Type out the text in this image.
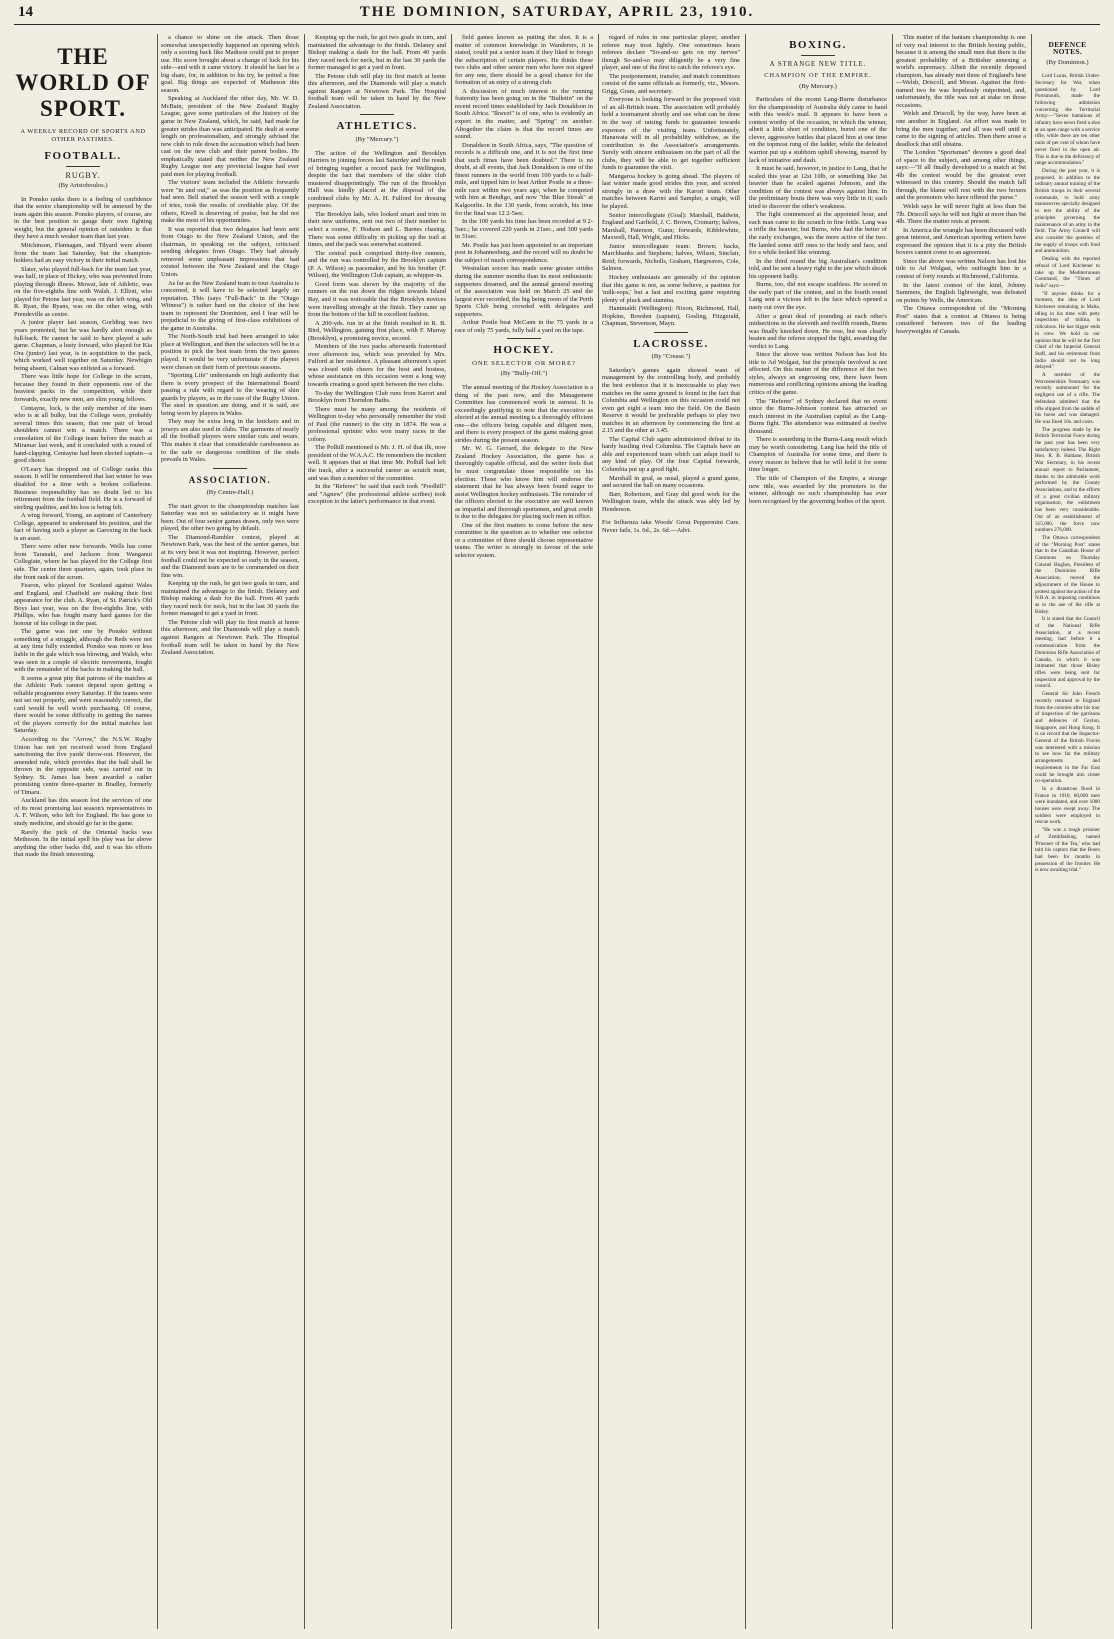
14	THE DOMINION, SATURDAY, APRIL 23, 1910.
THE WORLD OF SPORT.
A WEEKLY RECORD OF SPORTS AND OTHER PASTIMES.
FOOTBALL.
RUGBY.
(By Aristoboulos.)

In Ponsko ranks there is a feeling of confidence that the senior championship will be annexed by the team again this season. Ponsko players, of course, are in the best position to gauge their own fighting weight, but the general opinion of outsiders is that they have a much weaker team than last year.

Mitchinson, Flannagan, and Tilyard were absent from the team last Saturday, but the champion-holders had an easy victory in their initial match.

Slater, who played full-back for the team last year, was half, in place of Hickey, who was prevented from playing through illness. Mowat, late of Athletic, was on the five-eighths line with Walsh. J. Elliott, who played for Petone last year, was on the left wing, and R. Ryan, the Ryans, was on the other wing, with Prendeville as centre.

A junior player last season, Gorlding was two years promoted, but he was hardly alert enough as full-back. He cannot be said to have played a safe game. Chapman, a lusty forward, who played for Kia Ora (junior) last year, is in acquisition to the pack, which worked well together on Saturday. Newbigin being absent, Calnan was enlisted as a forward.

There was little hope for College in the scrum, because they found in their opponents one of the heaviest packs in the competition, while their forwards, exactly new men, are slim young fellows.

Centayne, lock, is the only member of the team who is at all bulky, but the College were, probably several times this season, that one pair of broad shoulders cannot win a match. There was a consolation of the College team before the match at Miramar last week, and it concluded with a round of hand-clapping. Centayne had been elected captain—a good choice.

O'Leary has dropped out of College ranks this season. It will be remembered that last winter he was disabled for a time with a broken collarbone. Business responsibility has no doubt led to his retirement from the football field. He is a forward of sterling qualities, and his loss is being felt.

A wing forward, Young, an aspirant of Canterbury College, appeared to understand his position, and the fact of having such a player as Garoxing in the back is an asset.

There were other new forwards. Wells has come from Taranaki, and Jackson from Wanganui Collegiate, where he has played for the College first side. The centre three quarters, again, took place in the front rank of the scrum.

Fearon, who played for Scotland against Wales and England, and Chatfield are making their first appearance for the club. A. Ryan, of St. Patrick's Old Boys last year, was on the five-eighths line, with Phillips, who has fought many hard games for the honour of his college in the past.

The game was not one by Ponsko without something of a struggle, although the Reds were not at any time fully extended. Ponsko was more or less liable in the gale which was blowing, and Walsh, who was seen in a couple of electric movements, fought with the remainder of the backs in making the ball.

It seems a great pity that patrons of the matches at the Athletic Park cannot depend upon getting a reliable programme every Saturday. If the teams were not set out properly, and were reasonably correct, the card would be well worth purchasing. Of course, there would be some difficulty in getting the names of the players correctly for the initial matches last Saturday.

According to the "Arrow," the N.S.W. Rugby Union has not yet received word from England sanctioning the five yards' throw-out. However, the amended rule, which provides that the ball shall be thrown in the opposite side, was carried out in Sydney. St. James has been awarded a rather promising centre three-quarter in Bradley, formerly of Timaru.

Auckland has this season lost the services of one of its most promising last season's representatives in A. F. Wilson, who left for England. He has gone to study medicine, and should go far in the game.

Rarely the pick of the Oriental backs was Metheson. In the initial spell his play was far above anything the other backs did, and it was his efforts that made the finish interesting.

a chance to shine on the attack. Then those somewhat unexpectedly happened an opening which only a scoring back like Madison could put to proper use. His score brought about a change of luck for his side—and with it came victory. It should be fast be a big share, for, in addition to his try, he potted a fine goal. Big things are expected of Matheson this season.

Speaking at Auckland the other day, Mr. W. D. McBain, president of the New Zealand Rugby League, gave some particulars of the history of the game in New Zealand, which, he said, had made far greater strides than was anticipated. He dealt at some length on professionalism, and strongly advised the new club to rule down the accusation which had been cast on the new club and their parent bodies. He emphatically stated that neither the New Zealand Rugby League nor any provincial league had ever paid men for playing football.

The visitors' team included the Athletic forwards were "in and out," as was the position as frequently had seen. Bell started the season well with a couple of tries, took the results of creditable play. Of the others, Kivell is deserving of praise, but he did not make the most of his opportunities.

It was reported that two delegates had been sent from Otago to the New Zealand Union, and the chairman, in speaking on the subject, criticised sending delegates from Otago. They had already removed some unpleasant impressions that had existed between the New Zealand and the Otago Union.

As far as the New Zealand team to tour Australia is concerned, it will have to be selected largely on reputation. This (says "Full-Back" in the "Otago Witness") is rather hard on the choice of the best team to represent the Dominion, and I fear will be prejudicial to the giving of first-class exhibitions of the game in Australia.

The North-South trial had been arranged to take place at Wellington, and then the selectors will be in a position to pick the best team from the two games played. It would be very unfortunate if the players were chosen on their form of previous seasons.

"Sporting Life" understands on high authority that there is every prospect of the International Board passing a rule with regard to the wearing of shin guards by players, as in the case of the Rugby Union. The steel in question are doing, and it is said, are being worn by players in Wales.

They may be extra long in the knickers and in jerseys are also used in clubs. The garments of nearly all the football players were similar cuts and wears. This makes it clear that considerable carelessness as to the safe or dangerous condition of the studs prevails in Wales.

ASSOCIATION.
(By Centre-Half.)

The start given to the championship matches last Saturday was not so satisfactory as it might have been. Out of four senior games drawn, only two were played, the other two going by default.

The Diamond-Rambler contest, played at Newtown Park, was the best of the senior games, but at its very best it was not inspiring. However, perfect football could not be expected so early in the season, and the Diamond team are to be commended on their fine win.

Keeping up the rush, he got two goals in turn, and maintained the advantage to the finish. Delaney and Bishop making a dash for the ball. From 40 yards they raced neck for neck, but in the last 30 yards the former managed to get a yard in front.

The Petone club will play its first match at home this afternoon, and the Diamonds will play a match against Rangers at Newtown Park. The Hospital football team will be taken in hand by the New Zealand Association.

Keeping up the rush, he got two goals in turn, and maintained the advantage to the finish. Delaney and Bishop making a dash for the ball. From 40 yards they raced neck for neck, but in the last 30 yards the former managed to get a yard in front.

The Petone club will play its first match at home this afternoon, and the Diamonds will play a match against Rangers at Newtown Park. The Hospital football team will be taken in hand by the New Zealand Association.

ATHLETICS.
(By "Mercury.")

The action of the Wellington and Brooklyn Harriers in joining forces last Saturday and the result of bringing together a record pack for Wellington, despite the fact that members of the older club mustered disappointingly. The run of the Brooklyn Hall was kindly placed at the disposal of the combined clubs by Mr. A. H. Fulford for dressing purposes.

The Brooklyn lads, who looked smart and trim in their new uniforms, sent out two of their number to select a course, F. Hodson and L. Barnes chasing. There was some difficulty in picking up the trail at times, and the pack was somewhat scattered.

The central pack comprised thirty-five runners, and the run was controlled by the Brooklyn captain (P. A. Wilson) as pacemaker, and by his brother (F. Wilson), the Wellington Club captain, as whipper-in.

Good form was shown by the majority of the runners on the run down the ridges towards Island Bay, and it was noticeable that the Brooklyn novices were travelling strongly at the finish. They came up from the bottom of the hill in excellent fashion.

A 200-yds. run in at the finish resulted in R. B. Bird, Wellington, gaining first place, with F. Murray (Brooklyn), a promising novice, second.

Members of the two packs afterwards fraternised over afternoon tea, which was provided by Mrs. Fulford at her residence. A pleasant afternoon's sport was closed with cheers for the host and hostess, whose assistance on this occasion went a long way towards creating a good spirit between the two clubs.

To-day the Wellington Club runs from Karori and Brooklyn from Thorndon Baths.

There must be many among the residents of Wellington to-day who personally remember the visit of Paul (the runner) to the city in 1874. He was a professional sprinter who won many races in the colony.

The Polhill mentioned is Mr. J. H. of that ilk, now president of the W.A.A.C. He remembers the incident well. It appears that at that time Mr. Polhill had left the track, after a successful career as scratch man, and was then a member of the committee.

In the "Referee" he said that each took "Poolhill" and "Agnew" (the professional athlete scribes) took exception to the latter's performance in that event.

field games known as putting the shot. It is a matter of common knowledge in Wanderers, it is stated, could put a senior team if they liked to forego the subscription of certain players. He thinks these two clubs and other senior men who have not signed for any one, there should be a good chance for the formation of an entry of a strong club.

A discussion of much interest to the running fraternity has been going on in the "Bulletin" on the recent record times established by Jack Donaldson in South Africa. "Ikwezi" is of one, who is evidently an expert in the matter, and "Spring" on another. Altogether the claim is that the record times are sound.

Donaldson in South Africa, says, "The question of records is a difficult one, and it is not the first time that such times have been doubted." There is no doubt, at all events, that Jack Donaldson is one of the finest runners in the world from 100 yards to a half-mile, and tipped him to beat Arthur Postle in a three-mile race within two years ago, when he competed with him at Bendigo, and now "the Blue Streak" at Kalgoorlie. In the 130 yards, from scratch, his time for the final was 12 2-5sec.

In the 100 yards his time has been recorded at 9 2-5sec.; he covered 220 yards in 21sec., and 300 yards in 31sec.

Mr. Postle has just been appointed to an important post in Johannesburg, and the record will no doubt be the subject of much correspondence.

Westralian soccer has made some greater strides during the summer months than its most enthusiastic supporters dreamed, and the annual general meeting of the association was held on March 25 and the largest ever recorded, the big being room of the Perth Sports Club being crowded with delegates and supporters.

Arthur Postle beat McCann in the 75 yards in a race of only 75 yards, fully half a yard on the tape.

HOCKEY.
ONE SELECTOR OR MORE?
(By "Bully-Off.")

The annual meeting of the Hockey Association is a thing of the past now, and the Management Committee has commenced work in earnest. It is exceedingly gratifying to note that the executive as elected at the annual meeting is a thoroughly efficient one—the officers being capable and diligent men, and there is every prospect of the game making great strides during the present season.

Mr. W. G. Gerrard, the delegate to the New Zealand Hockey Association, the game has a thoroughly capable official, and the writer feels that he must congratulate those responsible on his election. Those who know him will endorse the statement that he has always been found eager to assist Wellington hockey enthusiasts. The reminder of the officers elected to the executive are well known as impartial and thorough sportsmen, and great credit is due to the delegates for placing such men in office.

One of the first matters to come before the new committee is the question as to whether one selector or a committee of three should choose representative teams. The writer is strongly in favour of the sole selector system.

regard of rules in one particular player, another referee may treat lightly. One sometimes hears referees declare "So-and-so gets on my nerves" though So-and-so may diligently be a very fine player, and one of the first to catch the referee's eye.

The postponement, transfer, and match committees consist of the same officials as formerly, viz., Messrs. Grigg, Gram, and secretary.

Everyone is looking forward to the proposed visit of an all-British team. The association will probably hold a tournament shortly and see what can be done in the way of raising funds to guarantee towards expenses of the visiting team. Unfortunately, Hanawata will in all probability withdraw, as the contribution to the Association's arrangements. Surely with sincere enthusiasm on the part of all the clubs, they will be able to get together sufficient funds to guarantee the visit.

Mangaroa hockey is going ahead. The players of last winter made good strides this year, and scored strongly in a draw with the Karori team. Other matches between Karori and Sampler, a single, will be played.

Senior intercollegiate (Goal): Marshall, Baldwin, England and Garfield, J. C. Brown, Cromarty; halves, Marshall, Paterson, Gunn; forwards, Kibblewhite, Maxwell, Hall, Wright, and Hicks.

Junior intercollegiate team: Brown; backs, Marchbanks and Stephens; halves, Wilson, Sinclair, Reid; forwards, Nicholls, Graham, Hargreaves, Cole, Salmon.

Hockey enthusiasts are generally of the opinion that this game is not, as some believe, a pastime for 'milk-sops,' but a fast and exciting game requiring plenty of pluck and stamina.

Hanimaldi (Wellington): Nixon, Richmond, Hall, Hopkins, Bowden (captain), Gosling, Fitzgerald, Chapman, Stevenson, Mayn.

LACROSSE.
(By "Crease.")

Saturday's games again showed want of management by the controlling body, and probably the best evidence that it is inexcusable to play two matches on the same ground is found in the fact that Columbia and Wellington on this occasion could not even get eight a team into the field. On the Basin Reserve it would be preferable perhaps to play two matches in an afternoon by commencing the first at 2.15 and the other at 3.45.

The Capital Club again administered defeat to its hardy hustling rival Columbia. The Capitals have an able and experienced team which can adapt itself to any kind of play. Of the four Capital forwards, Columbia put up a good fight.

Marshall in goal, as usual, played a grand game, and secured the ball on many occasions.

Barr, Robertson, and Gray did good work for the Wellington team, while the attack was ably led by Henderson.

For Influenza take Woods' Great Peppermint Cure. Never fails, 1s. 6d., 2s. 6d.—Advt.

BOXING.
A STRANGE NEW TITLE.
CHAMPION OF THE EMPIRE.
(By Mercury.)

Particulars of the recent Lang-Burns disturbance for the championship of Australia duly came to hand with this week's mail. It appears to have been a contest worthy of the occasion, in which the winner, albeit a little short of condition, bored one of the clever, aggressive battles that placed him at one time on the topmost rung of the ladder, while the defeated warrior put up a stubborn uphill showing, marred by lack of initiative and dash.

It must be said, however, in justice to Lang, that he scaled this year at 12st 10lb, or something like 3st heavier than he scaled against Johnson, and the condition of the contest was always against him. In the preliminary bouts there was very little in it; each tried to discover the other's weakness.

The fight commenced at the appointed hour, and each man came to the scratch in fine fettle. Lang was a trifle the heavier, but Burns, who had the better of the early exchanges, was the more active of the two. He landed some stiff ones to the body and face, and for a while looked like winning.

In the third round the big Australian's condition told, and he sent a heavy right to the jaw which shook his opponent badly.

Burns, too, did not escape scathless. He scored in the early part of the contest, and in the fourth round Lang sent a vicious left to the face which opened a nasty cut over the eye.

After a great deal of pounding at each other's midsections in the eleventh and twelfth rounds, Burns was finally knocked down. He rose, but was clearly beaten and the referee stopped the fight, awarding the verdict to Lang.

Since the above was written Nelson has lost his title to Ad Wolgast, but the principle involved is not affected. On this matter of the difference of the two styles, always an engrossing one, there have been numerous and conflicting opinions among the leading critics of the game.

The "Referee" of Sydney declared that no event since the Burns-Johnson contest has attracted so much interest in the Australian capital as the Lang-Burns fight. The attendance was estimated at twelve thousand.

There is something in the Burns-Lang result which may be worth considering. Lang has held the title of Champion of Australia for some time, and there is every reason to believe that he will hold it for some time longer.

The title of Champion of the Empire, a strange new title, was awarded by the promoters to the winner, although no such championship has ever been recognised by the governing bodies of the sport.

This matter of the bantam championship is one of very real interest to the British boxing public, because it is among the small men that there is the greatest probability of a Britisher annexing a world's supremacy. Albeit the recently deposed champion, has already met three of England's best—Welsh, Driscoll, and Moran. Against the first-named two he was hopelessly outpointed, and, unfortunately, the title was not at stake on those occasions.

Welsh and Driscoll, by the way, have been at one another in England. An effort was made to bring the men together, and all was well until it came to the signing of articles. Then there arose a deadlock that still obtains.

The London "Sportsman" devotes a good deal of space to the subject, and among other things, says:—"If all finally developed to a match at 9st 4lb the contest would be the greatest ever witnessed in this country. Should the match fall through, the blame will rest with the two boxers and the promoters who have offered the purse."

Welsh says he will never fight at less than 9st 7lb. Driscoll says he will not fight at more than 9st 4lb. There the matter rests at present.

In America the wrangle has been discussed with great interest, and American sporting writers have expressed the opinion that it is a pity the British boxers cannot come to an agreement.

Since the above was written Nelson has lost his title to Ad Wolgast, who outfought him in a contest of forty rounds at Richmond, California.

In the latest contest of the kind, Johnny Summers, the English lightweight, was defeated on points by Wells, the American.

The Ottawa correspondent of the "Morning Post" states that a contest at Ottawa is being considered between two of the leading heavyweights of Canada.

DEFENCE NOTES.
(By Dominion.)

Lord Lucas, British Under-Secretary for War, when questioned by Lord Portsmouth, made the following admission concerning the Territorial Army:—"Seven battalions of infantry have never fired a shot at an open range with a service rifle, while there are ten other units of per cent of whom have never fired in the open air. This is due to the deficiency of range accommodation."

During the past year, it is proposed, in addition to the ordinary annual training of the British troops in their several commands, to hold army manoeuvres specially designed to test the ability of the principles governing the maintenance of an army in the field. The Army Council will also consider the question of the supply of troops with food and ammunition.

Dealing with the reported refusal of Lord Kitchener to take up the Mediterranean Command, the "Times of India" says:—

"If anyone thinks for a moment, the idea of Lord Kitchener remaining in Malta, idling in his time with petty inspections of militia, is ridiculous. He has bigger ends in view. We hold to our opinion that he will be the first Chief of the Imperial General Staff, and his retirement from India should not be long delayed."

A member of the Worcestershire Yeomanry was recently summoned for the negligent use of a rifle. The defendant admitted that the rifle slipped from the saddle of his horse and was damaged. He was fined 10s. and costs.

The progress made by the British Territorial Force during the past year has been very satisfactory indeed. The Right Hon. R. B. Haldane, British War Secretary, in his recent annual report to Parliament, thanks to the admirable work performed by the County Associations, and to the efforts of a great civilian military organisation, the enlistment has been very considerable. Out of an establishment of 315,000, the force now numbers 276,000.

The Ottawa correspondent of the "Morning Post" states that in the Canadian House of Commons on Thursday Colonel Hughes, President of the Dominion Rifle Association, moved the adjournment of the House to protest against the action of the N.R.A. in imposing conditions as to the use of the rifle at Bisley.

It is stated that the Council of the National Rifle Association, at a recent meeting, had before it a communication from the Dominion Rifle Association of Canada, in which it was intimated that those Bisley rifles were being sent for inspection and approval by the council.

General Sir John French recently returned to England from the colonies after his tour of inspection of the garrisons and defences of Ceylon, Singapore, and Hong Kong. It is on record that the Inspector-General of the British Forces was interested with a mission to see how far the military arrangements and requirements in the Far East could be brought into closer co-operation.

In a disastrous flood in France in 1910, 60,000 men were inundated, and over 1000 houses were swept away. The soldiers were employed in rescue work.

"He was a tough prisoner of Zembfasbing, named 'Prisoner of the Tea,' who had told his captors that the Boers had been for months in possession of the frontier. He is now awaiting trial."
